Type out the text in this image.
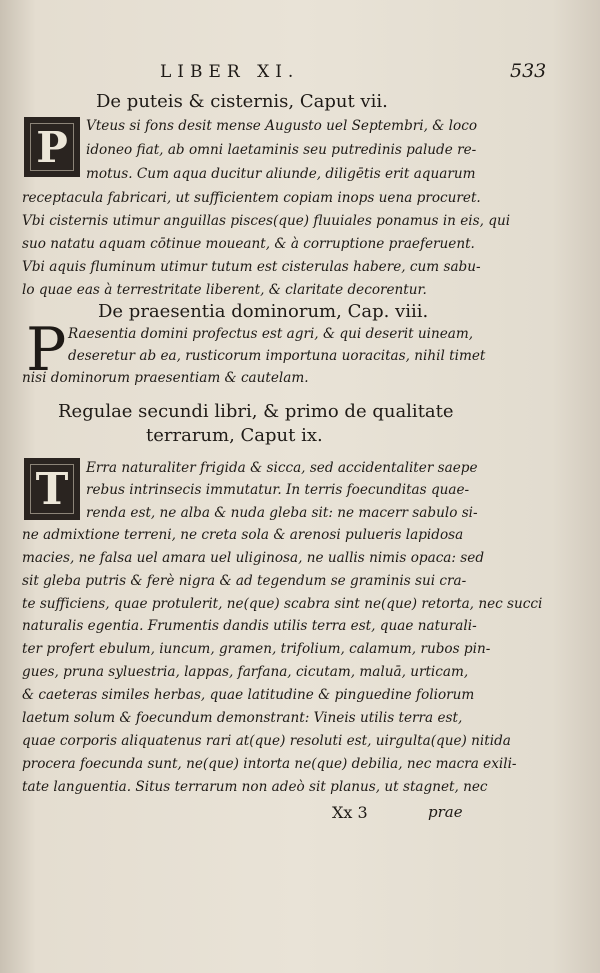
LIBER XI.	533
De puteis & cisternis, Caput vii.
P Vteus si fons desit mense Augusto uel Septembri, & loco
idoneo fiat, ab omni laetaminis seu putredinis palude re-
motus. Cum aqua ducitur aliunde, diligētis erit aquarum
receptacula fabricari, ut sufficientem copiam inops uena procuret.
Vbi cisternis utimur anguillas pisces(que) fluuiales ponamus in eis, qui
suo natatu aquam cōtinue moueant, & à corruptione praeferuent.
Vbi aquis fluminum utimur tutum est cisterulas habere, cum sabu-
lo quae eas à terrestritate liberent, & claritate decorentur.
De praesentia dominorum, Cap. viii.
P Raesentia domini profectus est agri, & qui deserit uineam,
deseretur ab ea, rusticorum importuna uoracitas, nihil timet
nisi dominorum praesentiam & cautelam.
Regulae secundi libri, & primo de qualitate
terrarum, Caput ix.
T Erra naturaliter frigida & sicca, sed accidentaliter saepe
rebus intrinsecis immutatur. In terris foecunditas quae-
renda est, ne alba & nuda gleba sit: ne macerr sabulo si-
ne admixtione terreni, ne creta sola & arenosi pulueris lapidosa
macies, ne falsa uel amara uel uliginosa, ne uallis nimis opaca: sed
sit gleba putris & ferè nigra & ad tegendum se graminis sui cra-
te sufficiens, quae protulerit, ne(que) scabra sint ne(que) retorta, nec succi
naturalis egentia. Frumentis dandis utilis terra est, quae naturali-
ter profert ebulum, iuncum, gramen, trifolium, calamum, rubos pin-
gues, pruna syluestria, lappas, farfana, cicutam, maluā, urticam,
& caeteras similes herbas, quae latitudine & pinguedine foliorum
laetum solum & foecundum demonstrant: Vineis utilis terra est,
quae corporis aliquatenus rari at(que) resoluti est, uirgulta(que) nitida
procera foecunda sunt, ne(que) intorta ne(que) debilia, nec macra exili-
tate languentia. Situs terrarum non adeò sit planus, ut stagnet, nec
Xx 3	prae
